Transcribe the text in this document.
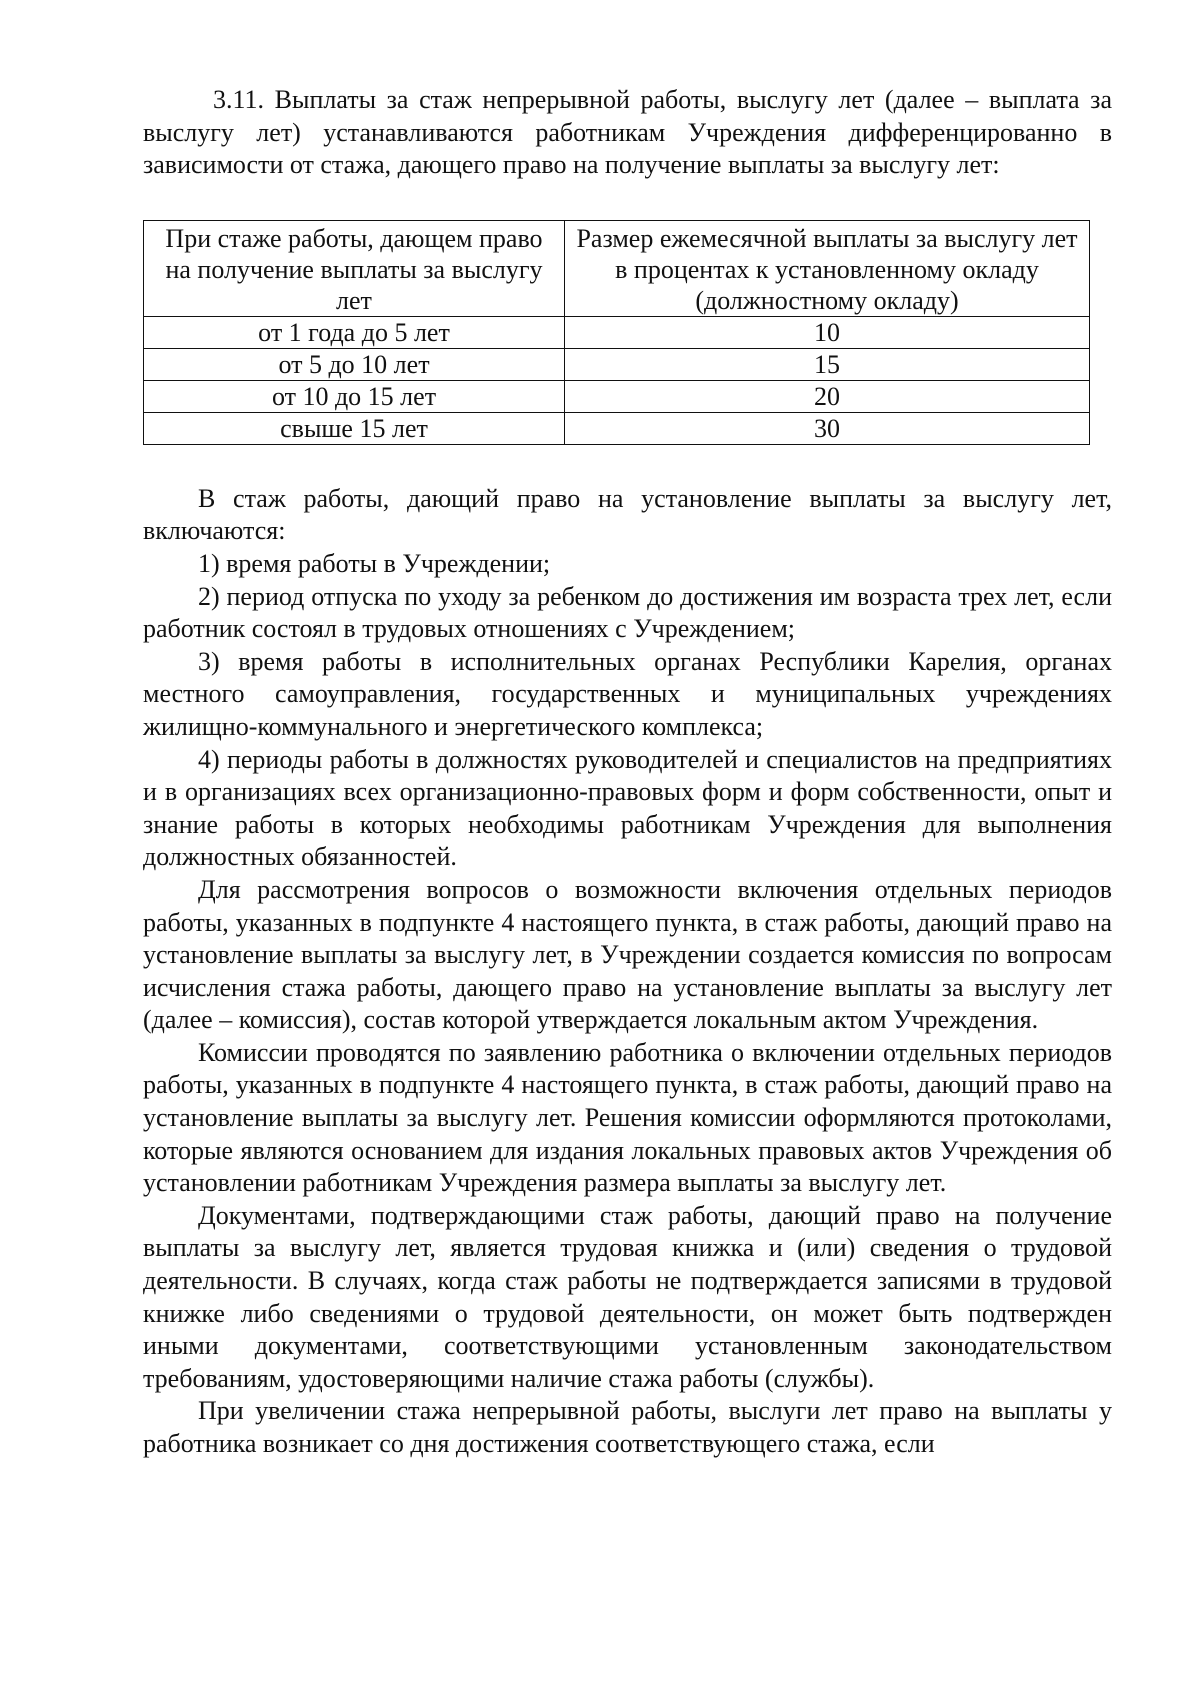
3.11. Выплаты за стаж непрерывной работы, выслугу лет (далее – выплата за выслугу лет) устанавливаются работникам Учреждения дифференцированно в зависимости от стажа, дающего право на получение выплаты за выслугу лет:

При стаже работы, дающем право на получение выплаты за выслугу лет	Размер ежемесячной выплаты за выслугу лет в процентах к установленному окладу (должностному окладу)
от 1 года до 5 лет	10
от 5 до 10 лет	15
от 10 до 15 лет	20
свыше 15 лет	30

В стаж работы, дающий право на установление выплаты за выслугу лет, включаются:

1) время работы в Учреждении;

2) период отпуска по уходу за ребенком до достижения им возраста трех лет, если работник состоял в трудовых отношениях с Учреждением;

3) время работы в исполнительных органах Республики Карелия, органах местного самоуправления, государственных и муниципальных учреждениях жилищно-коммунального и энергетического комплекса;

4) периоды работы в должностях руководителей и специалистов на предприятиях и в организациях всех организационно-правовых форм и форм собственности, опыт и знание работы в которых необходимы работникам Учреждения для выполнения должностных обязанностей.

Для рассмотрения вопросов о возможности включения отдельных периодов работы, указанных в подпункте 4 настоящего пункта, в стаж работы, дающий право на установление выплаты за выслугу лет, в Учреждении создается комиссия по вопросам исчисления стажа работы, дающего право на установление выплаты за выслугу лет (далее – комиссия), состав которой утверждается локальным актом Учреждения.

Комиссии проводятся по заявлению работника о включении отдельных периодов работы, указанных в подпункте 4 настоящего пункта, в стаж работы, дающий право на установление выплаты за выслугу лет. Решения комиссии оформляются протоколами, которые являются основанием для издания локальных правовых актов Учреждения об установлении работникам Учреждения размера выплаты за выслугу лет.

Документами, подтверждающими стаж работы, дающий право на получение выплаты за выслугу лет, является трудовая книжка и (или) сведения о трудовой деятельности. В случаях, когда стаж работы не подтверждается записями в трудовой книжке либо сведениями о трудовой деятельности, он может быть подтвержден иными документами, соответствующими установленным законодательством требованиям, удостоверяющими наличие стажа работы (службы).

При увеличении стажа непрерывной работы, выслуги лет право на выплаты у работника возникает со дня достижения соответствующего стажа, если
